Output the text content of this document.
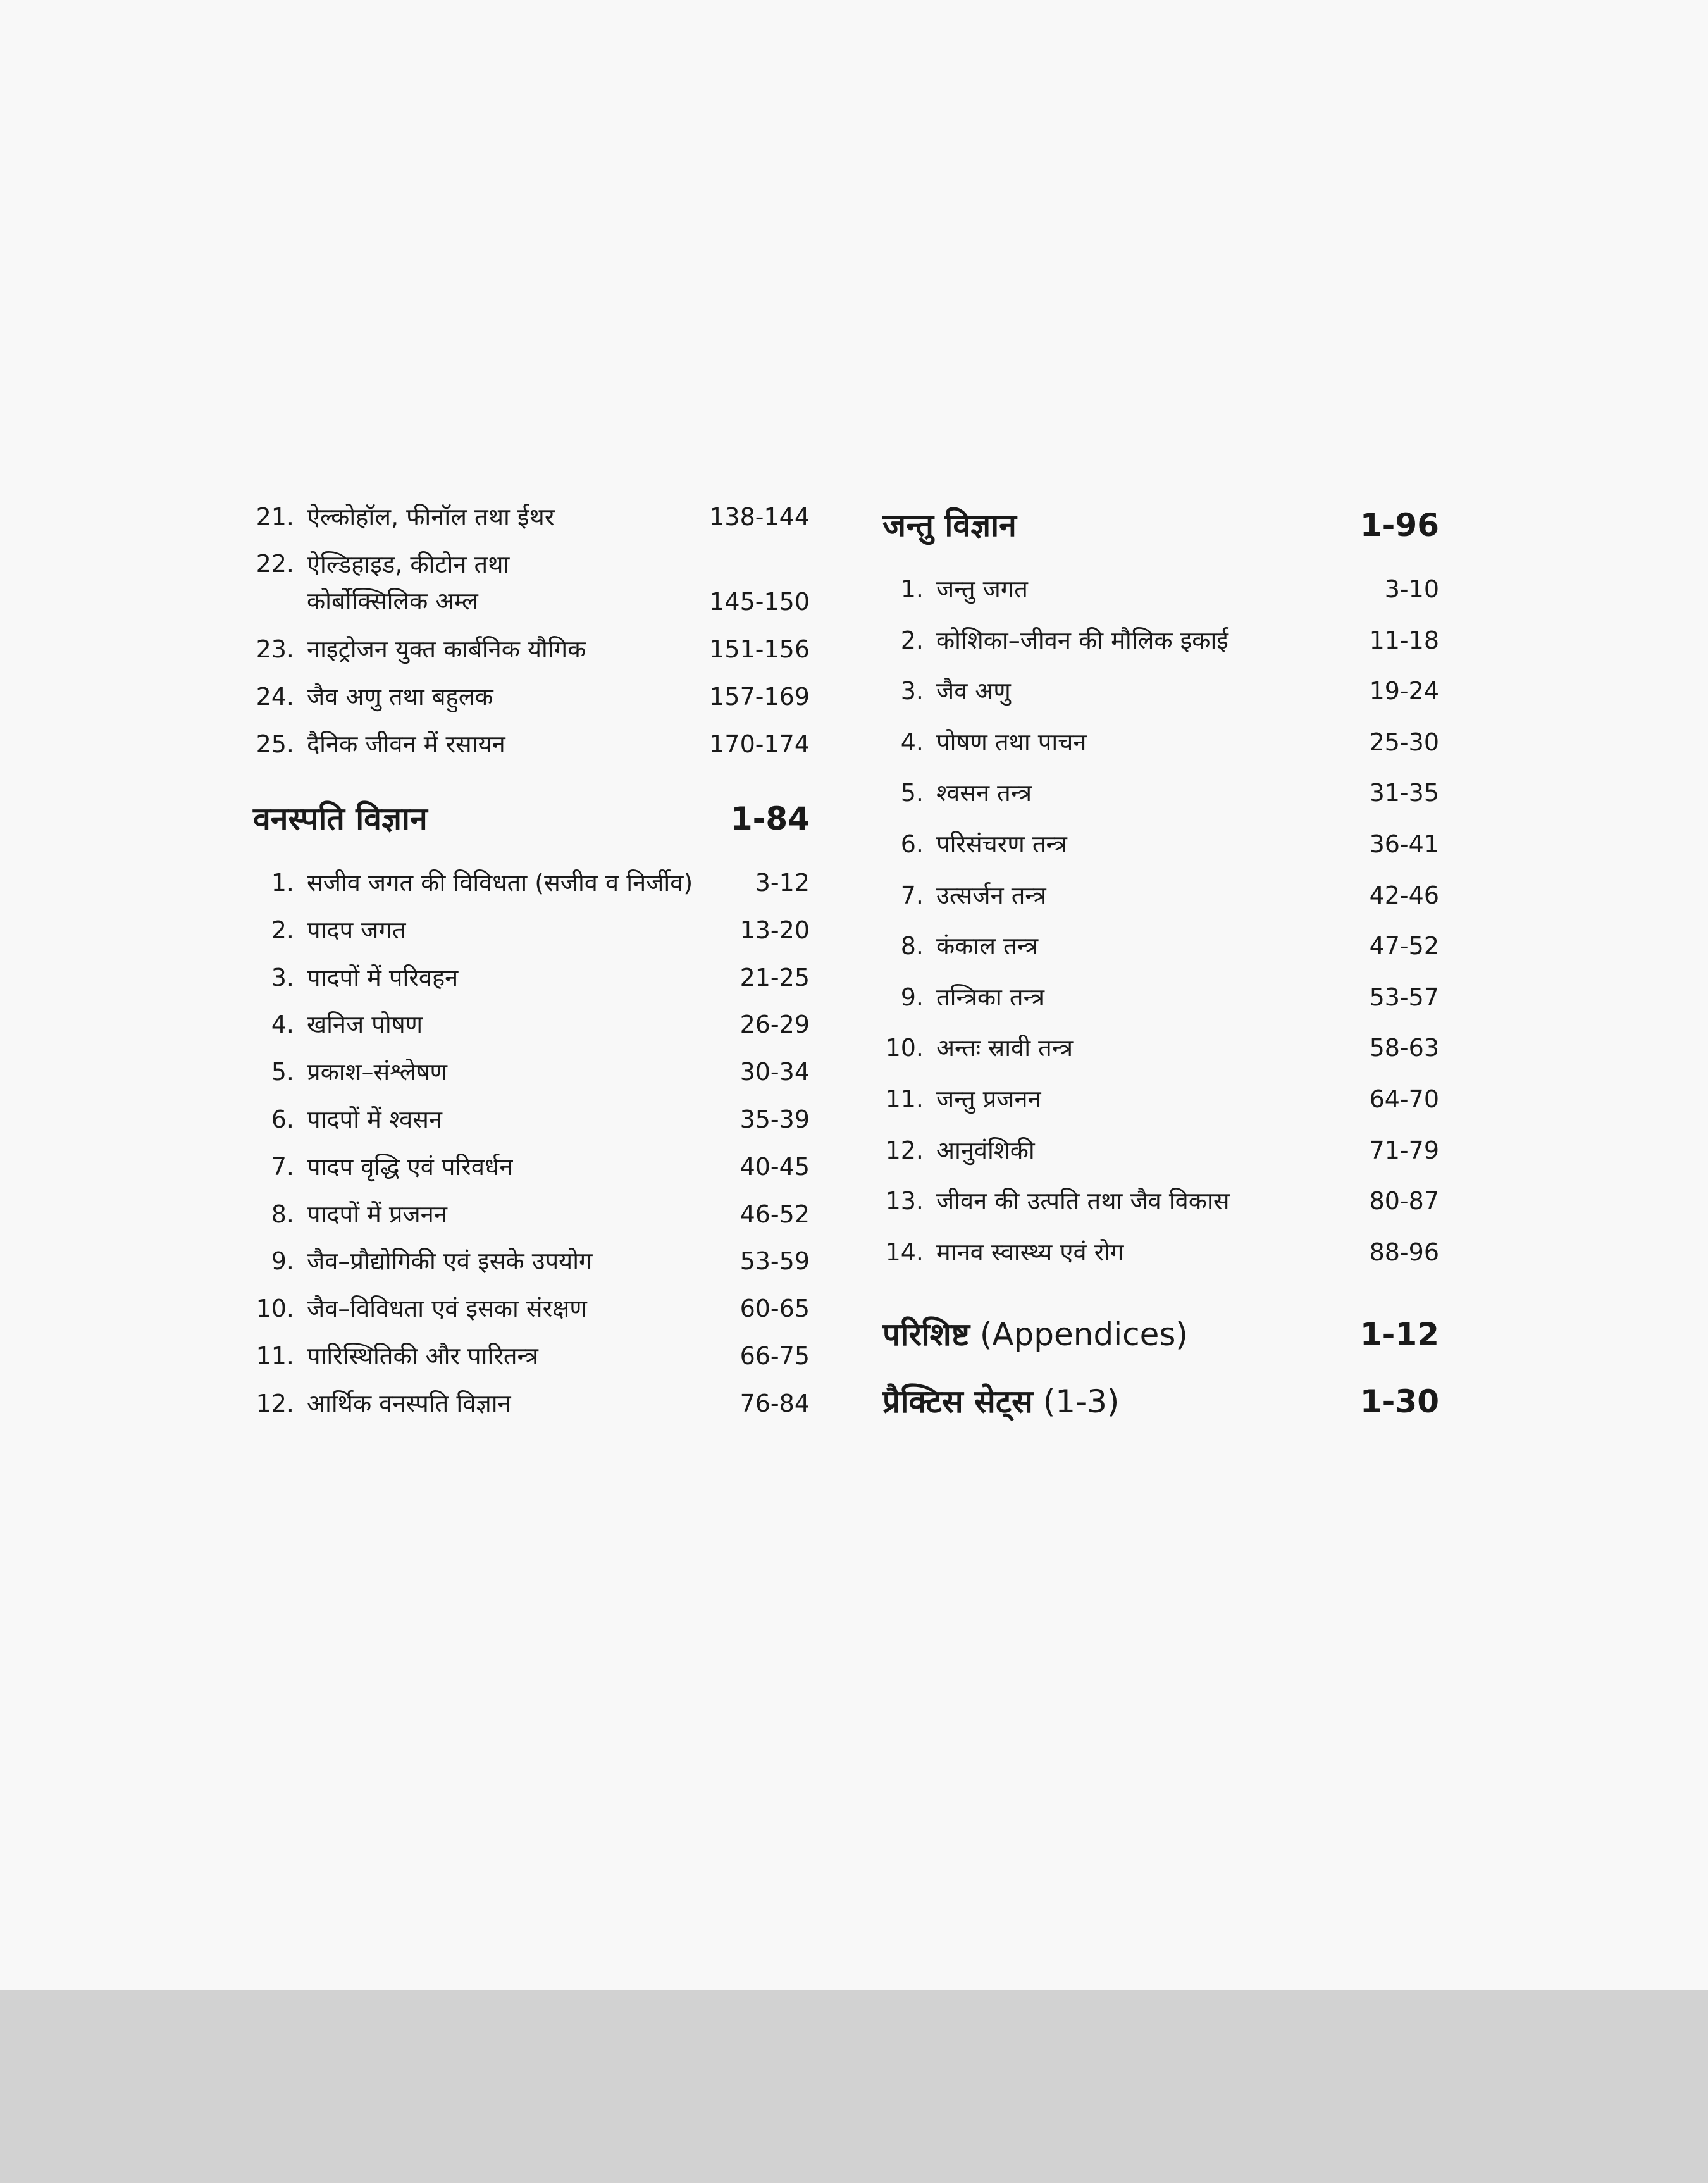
21. ऐल्कोहॉल, फीनॉल तथा ईथर	138-144
22. ऐल्डिहाइड, कीटोन तथा कोर्बोक्सिलिक अम्ल	145-150
23. नाइट्रोजन युक्त कार्बनिक यौगिक	151-156
24. जैव अणु तथा बहुलक	157-169
25. दैनिक जीवन में रसायन	170-174
वनस्पति विज्ञान	1-84
1. सजीव जगत की विविधता (सजीव व निर्जीव)	3-12
2. पादप जगत	13-20
3. पादपों में परिवहन	21-25
4. खनिज पोषण	26-29
5. प्रकाश–संश्लेषण	30-34
6. पादपों में श्वसन	35-39
7. पादप वृद्धि एवं परिवर्धन	40-45
8. पादपों में प्रजनन	46-52
9. जैव–प्रौद्योगिकी एवं इसके उपयोग	53-59
10. जैव–विविधता एवं इसका संरक्षण	60-65
11. पारिस्थितिकी और पारितन्त्र	66-75
12. आर्थिक वनस्पति विज्ञान	76-84
जन्तु विज्ञान	1-96
1. जन्तु जगत	3-10
2. कोशिका–जीवन की मौलिक इकाई	11-18
3. जैव अणु	19-24
4. पोषण तथा पाचन	25-30
5. श्वसन तन्त्र	31-35
6. परिसंचरण तन्त्र	36-41
7. उत्सर्जन तन्त्र	42-46
8. कंकाल तन्त्र	47-52
9. तन्त्रिका तन्त्र	53-57
10. अन्तः स्रावी तन्त्र	58-63
11. जन्तु प्रजनन	64-70
12. आनुवंशिकी	71-79
13. जीवन की उत्पति तथा जैव विकास	80-87
14. मानव स्वास्थ्य एवं रोग	88-96
परिशिष्ट (Appendices)	1-12
प्रैक्टिस सेट्स (1-3)	1-30
